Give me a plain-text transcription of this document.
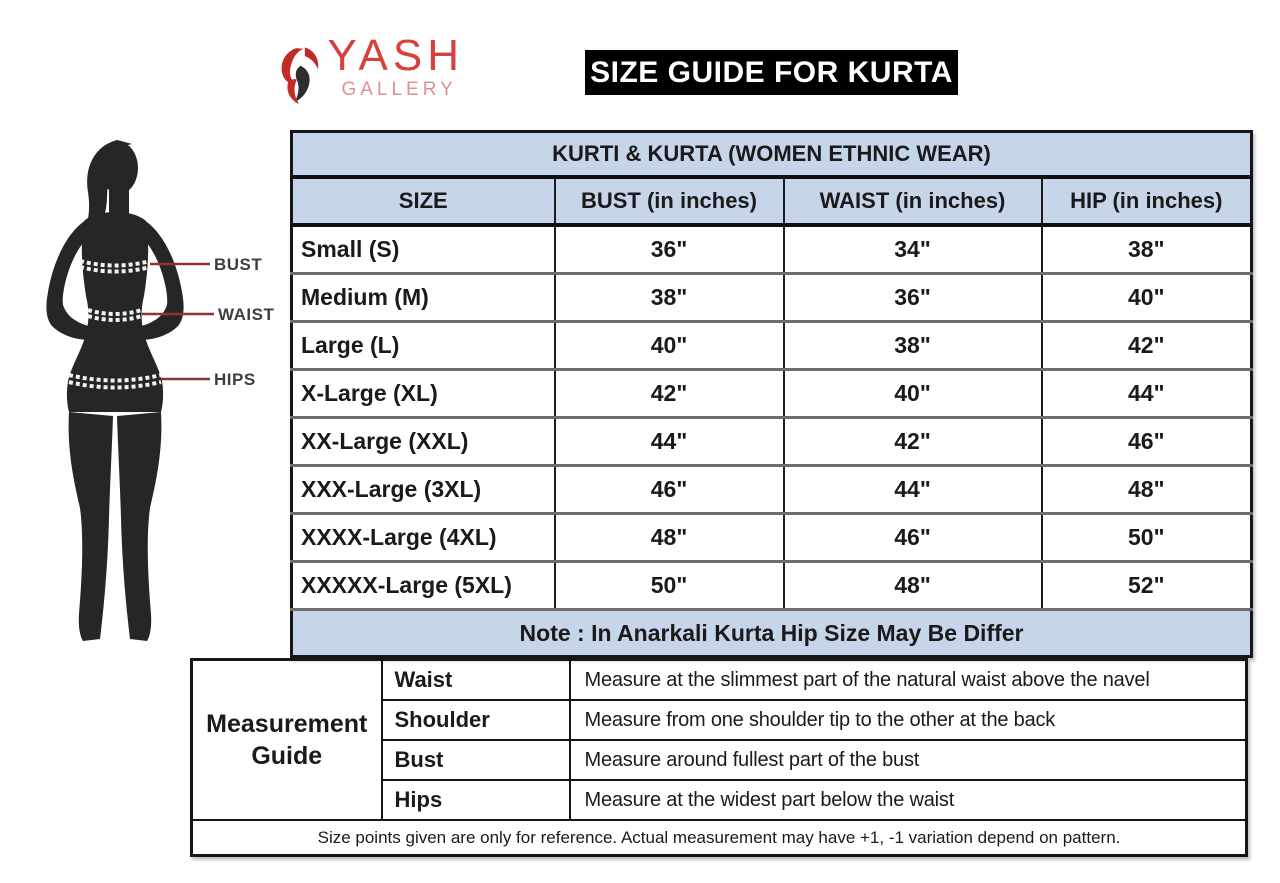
YASH
GALLERY
SIZE GUIDE FOR KURTA
BUST
WAIST
HIPS
KURTI & KURTA (WOMEN ETHNIC WEAR)			
SIZE	BUST (in inches)	WAIST (in inches)	HIP (in inches)
Small (S)	36"	34"	38"
Medium (M)	38"	36"	40"
Large (L)	40"	38"	42"
X-Large (XL)	42"	40"	44"
XX-Large (XXL)	44"	42"	46"
XXX-Large (3XL)	46"	44"	48"
XXXX-Large (4XL)	48"	46"	50"
XXXXX-Large (5XL)	50"	48"	52"
Note : In Anarkali Kurta Hip Size May Be Differ			
Measurement Guide	Waist	Measure at the slimmest part of the natural waist above the navel
	Shoulder	Measure from one shoulder tip to the other at the back
	Bust	Measure around fullest part of the bust
	Hips	Measure at the widest part below the waist
Size points given are only for reference. Actual measurement may have +1, -1 variation depend on pattern.		
